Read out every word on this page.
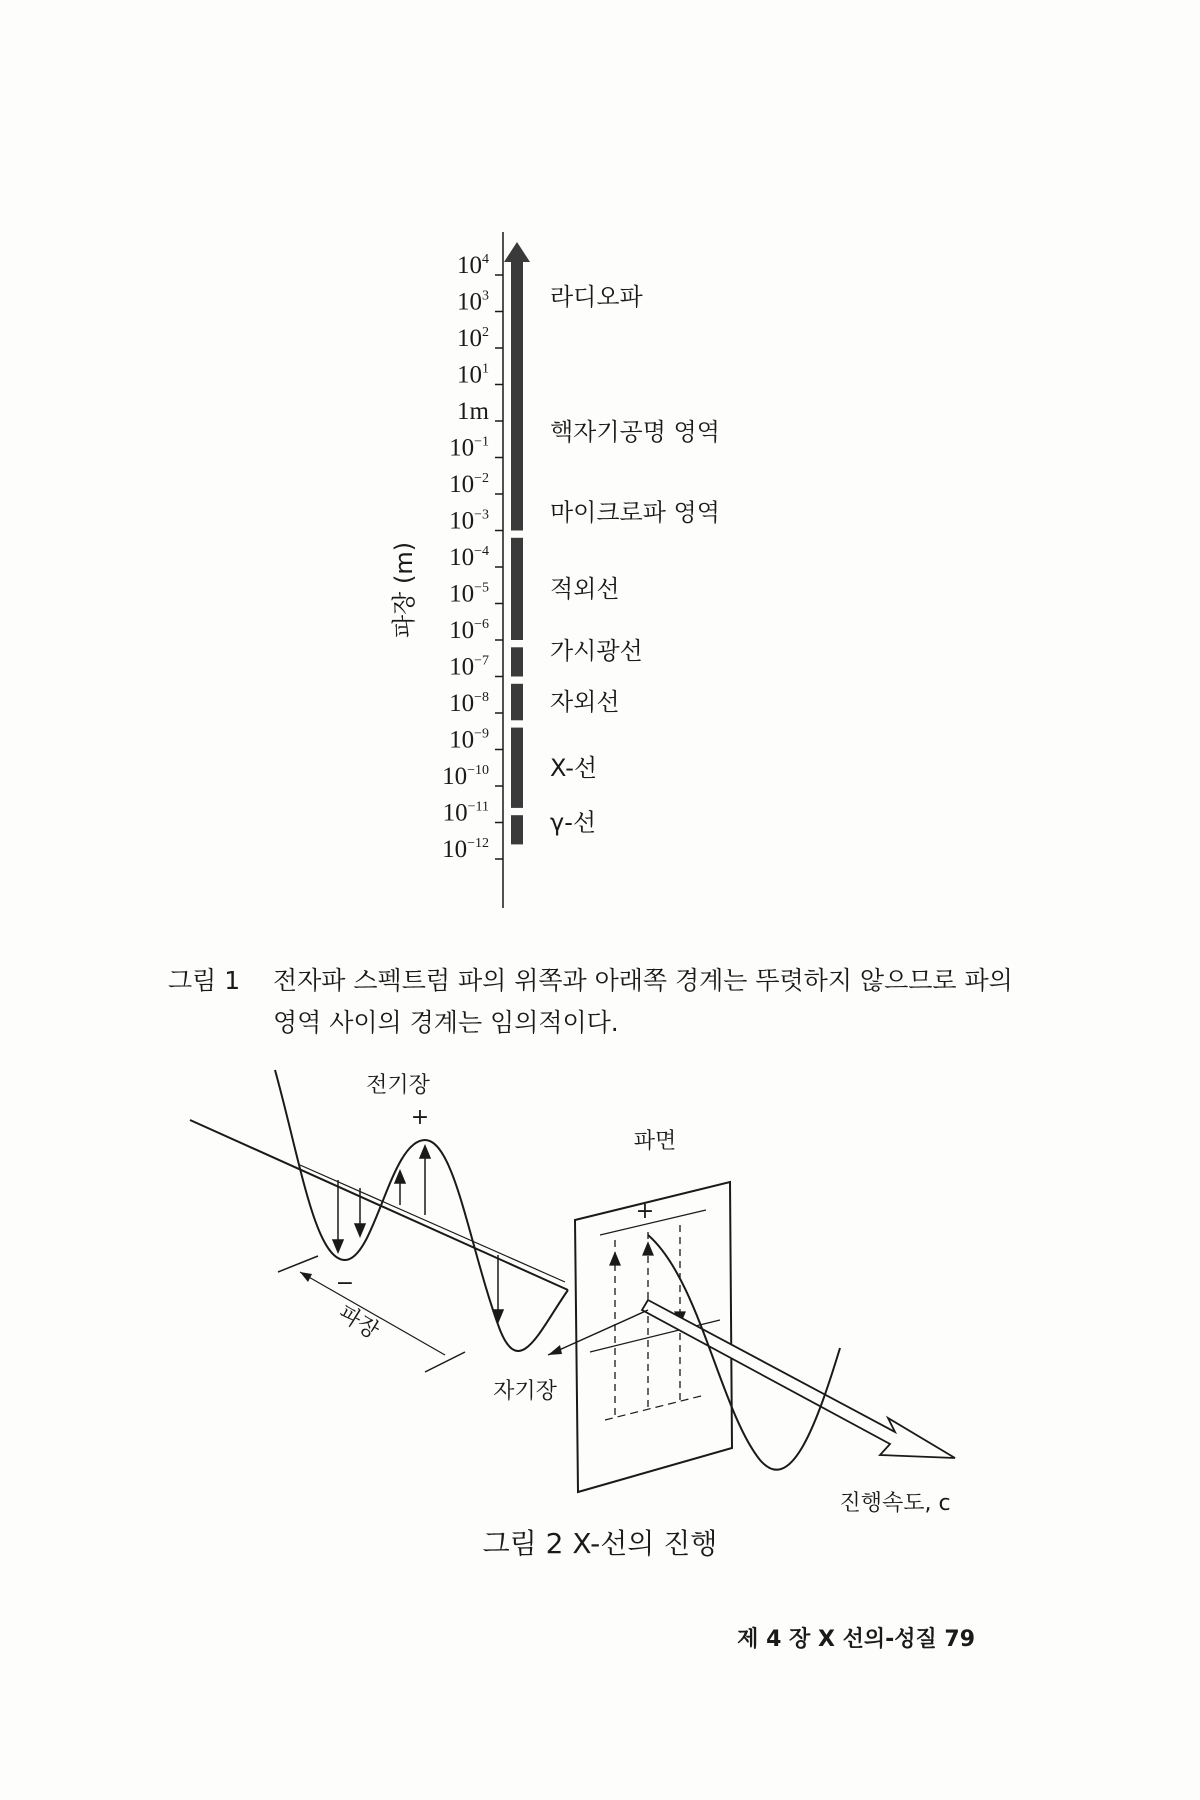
파장 (m)
$10^4$
$10^3$
$10^2$
$10^1$
1m
$10^{-1}$
$10^{-2}$
$10^{-3}$
$10^{-4}$
$10^{-5}$
$10^{-6}$
$10^{-7}$
$10^{-8}$
$10^{-9}$
$10^{-10}$
$10^{-11}$
$10^{-12}$
라디오파
핵자기공명 영역
마이크로파 영역
적외선
가시광선
자외선
X-선
γ-선
그림 1 전자파 스펙트럼 파의 위쪽과 아래쪽 경계는 뚜렷하지 않으므로 파의 영역 사이의 경계는 임의적이다.
전기장
+
−
파면
+
파장
자기장
진행속도, c
그림 2 X-선의 진행
제 4 장 X 선의-성질 79
